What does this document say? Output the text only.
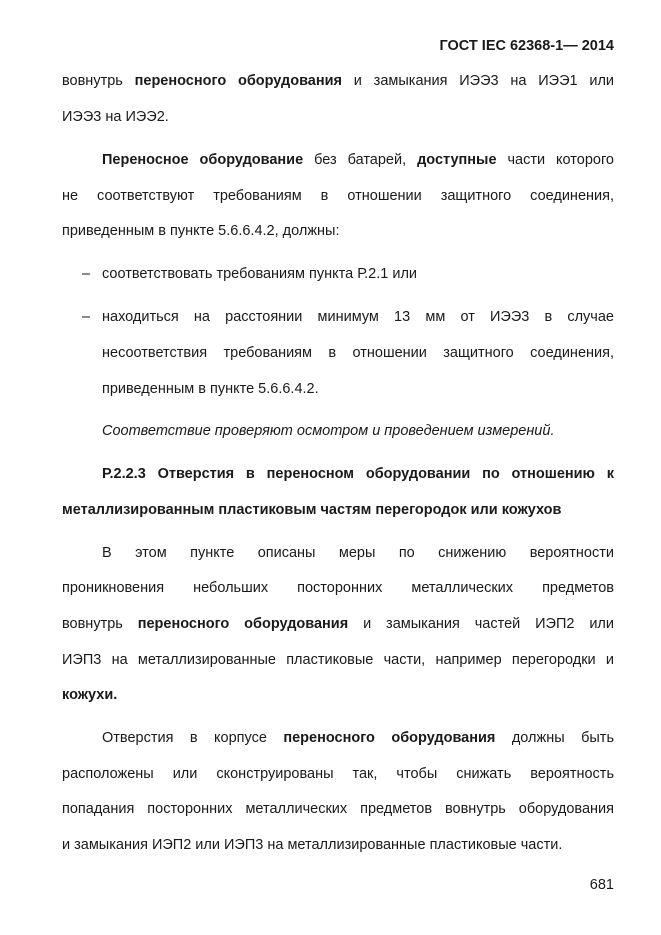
ГОСТ IEC 62368-1— 2014

вовнутрь переносного оборудования и замыкания ИЭЭ3 на ИЭЭ1 или

ИЭЭ3 на ИЭЭ2.

Переносное оборудование без батарей, доступные части которого

не соответствуют требованиям в отношении защитного соединения,

приведенным в пункте 5.6.6.4.2, должны:

– соответствовать требованиям пункта Р.2.1 или

– находиться на расстоянии минимум 13 мм от ИЭЭ3 в случае

несоответствия требованиям в отношении защитного соединения,

приведенным в пункте 5.6.6.4.2.

Соответствие проверяют осмотром и проведением измерений.

Р.2.2.3 Отверстия в переносном оборудовании по отношению к

металлизированным пластиковым частям перегородок или кожухов

В этом пункте описаны меры по снижению вероятности

проникновения небольших посторонних металлических предметов

вовнутрь переносного оборудования и замыкания частей ИЭП2 или

ИЭП3 на металлизированные пластиковые части, например перегородки и

кожухи.

Отверстия в корпусе переносного оборудования должны быть

расположены или сконструированы так, чтобы снижать вероятность

попадания посторонних металлических предметов вовнутрь оборудования

и замыкания ИЭП2 или ИЭП3 на металлизированные пластиковые части.

681
